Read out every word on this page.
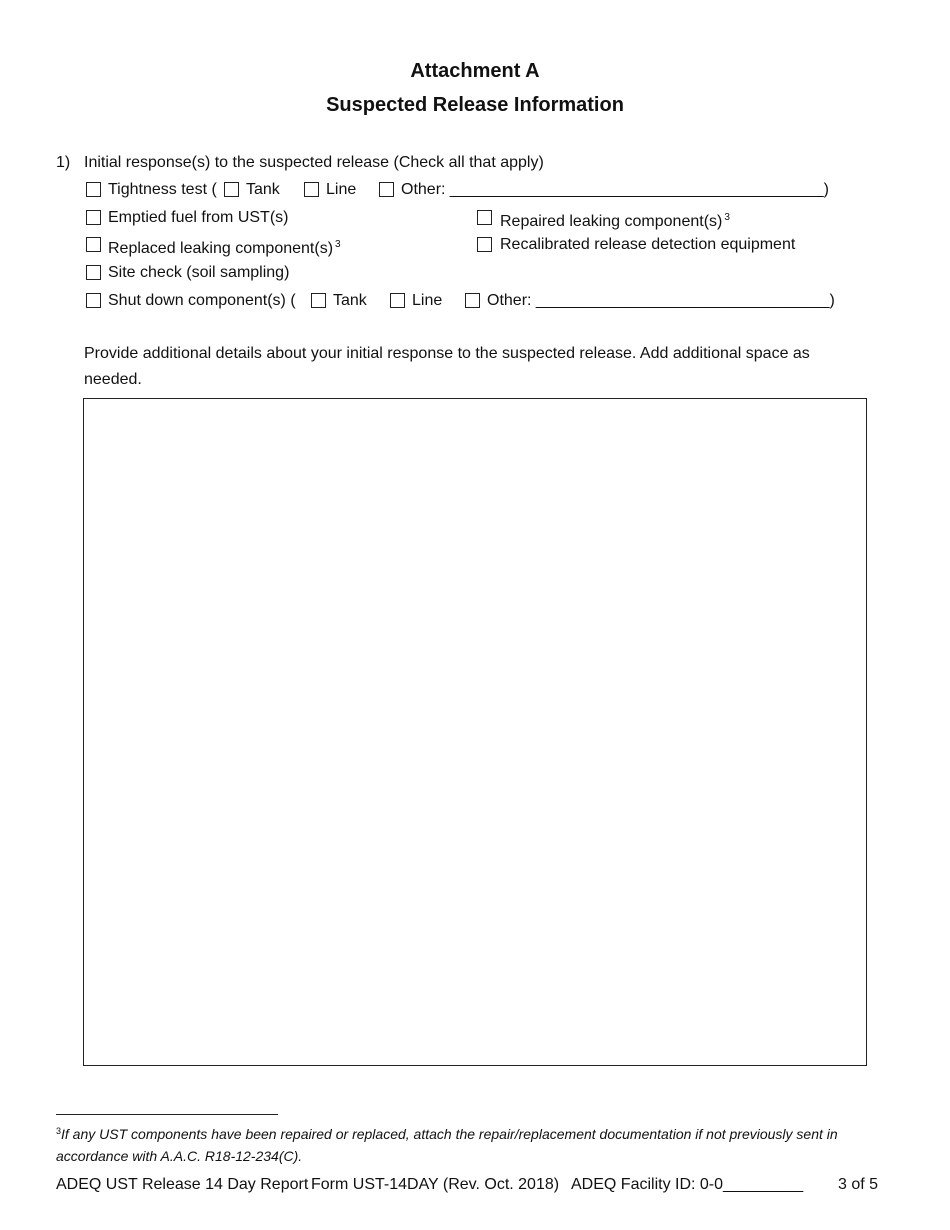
Attachment A
Suspected Release Information
1) Initial response(s) to the suspected release (Check all that apply)
Tightness test ( Tank	Line	Other: __________________________________________)
Emptied fuel from UST(s)	Repaired leaking component(s) $^3$
Replaced leaking component(s) $^3$	Recalibrated release detection equipment
Site check (soil sampling)
Shut down component(s) ( Tank	Line	Other: _________________________________)
Provide additional details about your initial response to the suspected release. Add additional space as
needed.
$^3$If any UST components have been repaired or replaced, attach the repair/replacement documentation if not previously sent in accordance with A.A.C. R18-12-234(C).
ADEQ UST Release 14 Day Report Form UST-14DAY (Rev. Oct. 2018) ADEQ Facility ID: 0-0_________ 3 of 5
